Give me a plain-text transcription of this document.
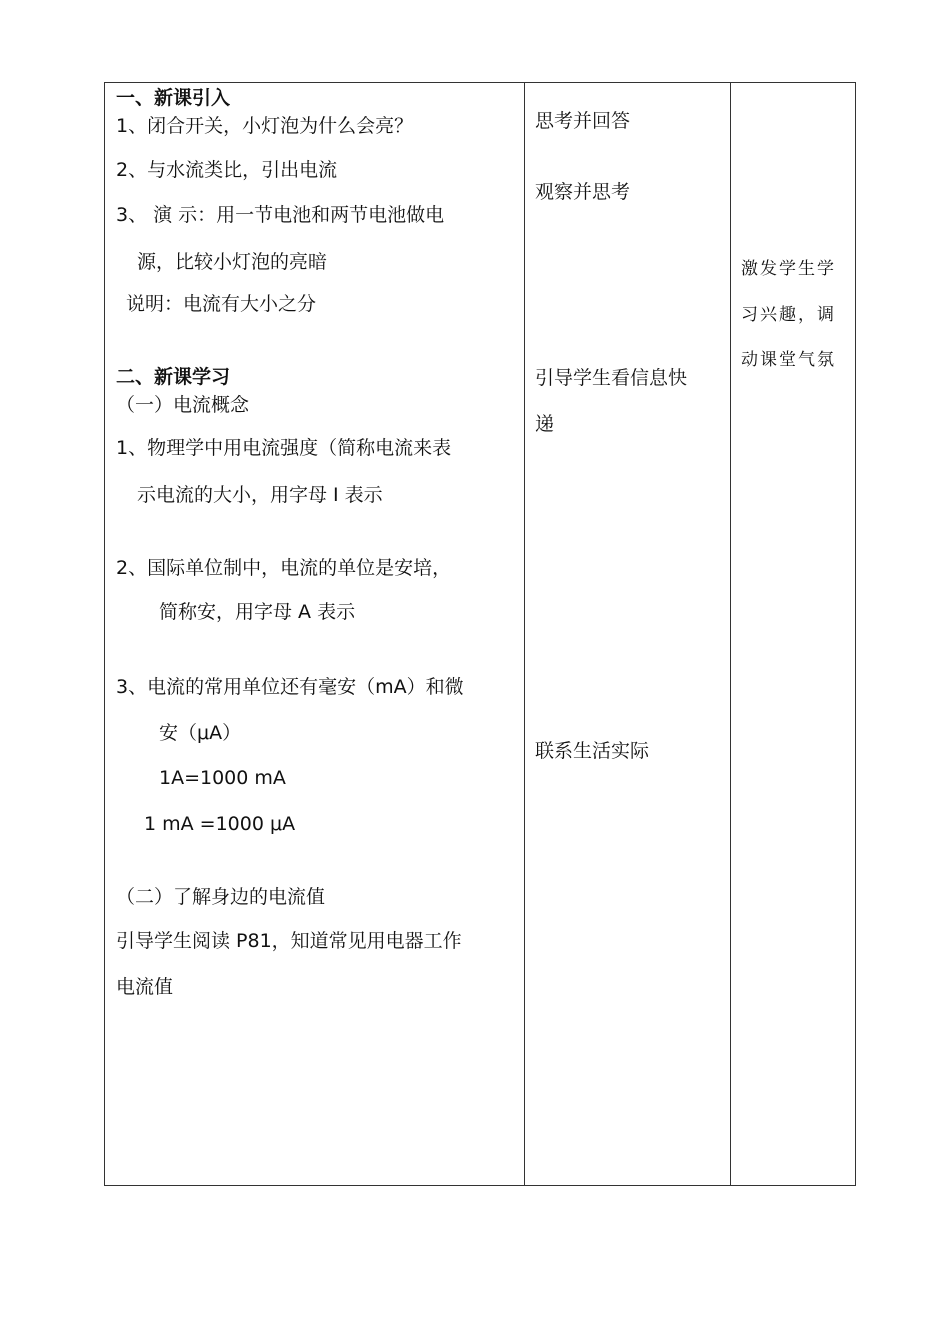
一、新课引入
1、闭合开关，小灯泡为什么会亮？
2、与水流类比，引出电流
3、 演 示：用一节电池和两节电池做电
源，比较小灯泡的亮暗
说明：电流有大小之分
二、新课学习
（一）电流概念
1、物理学中用电流强度（简称电流来表
示电流的大小，用字母 I 表示
2、国际单位制中，电流的单位是安培，
简称安，用字母 A 表示
3、电流的常用单位还有毫安（mA）和微
安（μA）
1A=1000 mA
1 mA =1000 μA
（二）了解身边的电流值
引导学生阅读 P81，知道常见用电器工作
电流值
思考并回答
观察并思考
引导学生看信息快
递
联系生活实际
激发学生学
习兴趣，调
动课堂气氛
